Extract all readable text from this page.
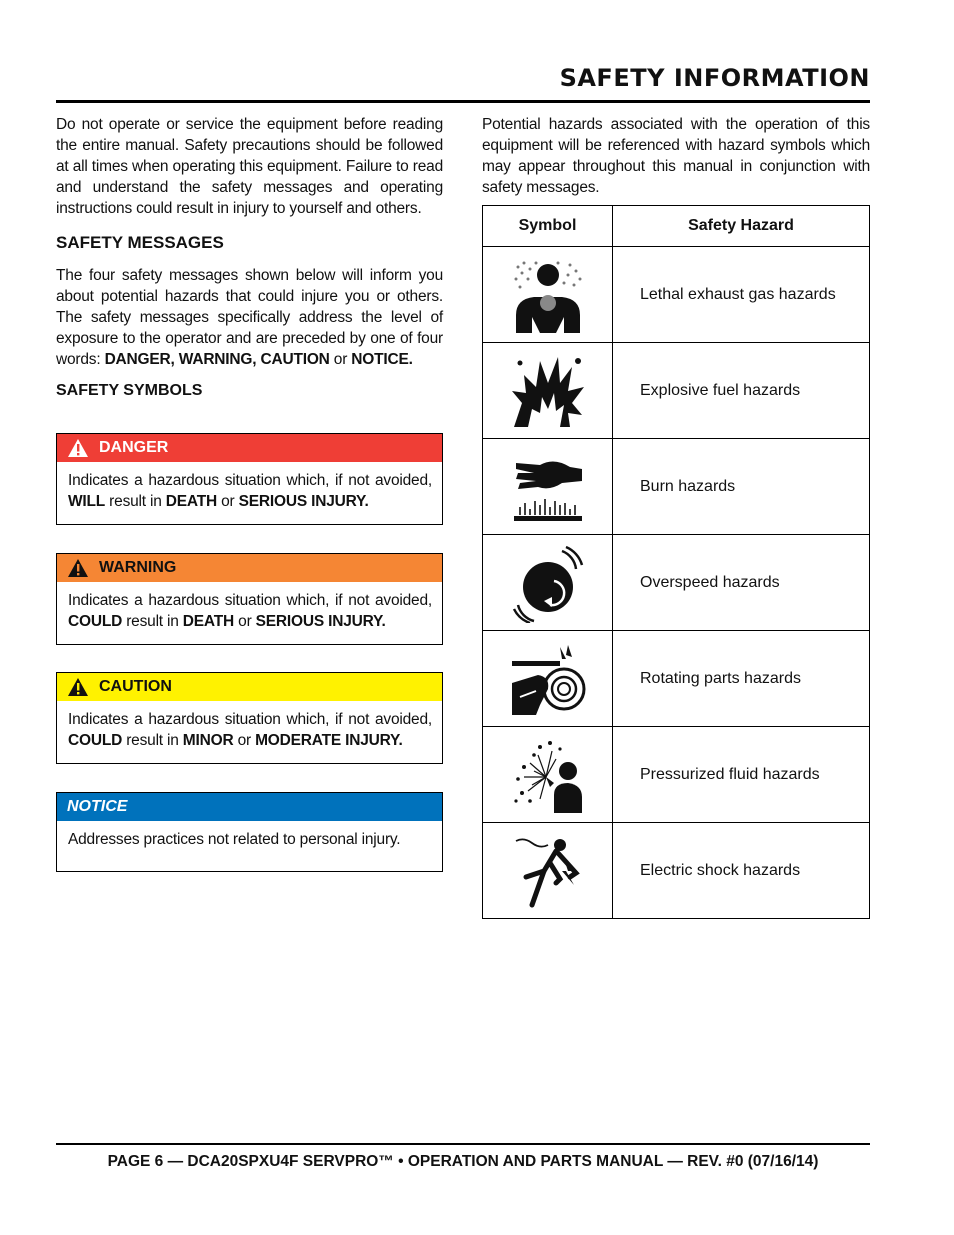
SAFETY INFORMATION

Do not operate or service the equipment before reading the entire manual. Safety precautions should be followed at all times when operating this equipment. Failure to read and understand the safety messages and operating instructions could result in injury to yourself and others.

SAFETY MESSAGES

The four safety messages shown below will inform you about potential hazards that could injure you or others. The safety messages specifically address the level of exposure to the operator and are preceded by one of four words: DANGER, WARNING, CAUTION or NOTICE.

SAFETY SYMBOLS
DANGER
Indicates a hazardous situation which, if not avoided, WILL result in DEATH or SERIOUS INJURY.
WARNING
Indicates a hazardous situation which, if not avoided, COULD result in DEATH or SERIOUS INJURY.
CAUTION
Indicates a hazardous situation which, if not avoided, COULD result in MINOR or MODERATE INJURY.
NOTICE
Addresses practices not related to personal injury.

Potential hazards associated with the operation of this equipment will be referenced with hazard symbols which may appear throughout this manual in conjunction with safety messages.

Symbol	Safety Hazard

	Lethal exhaust gas hazards

	Explosive fuel hazards

	Burn hazards

	Overspeed hazards

	Rotating parts hazards

	Pressurized fluid hazards

	Electric shock hazards
PAGE 6 — DCA20SPXU4F SERVPRO™ • OPERATION AND PARTS MANUAL — REV. #0 (07/16/14)
